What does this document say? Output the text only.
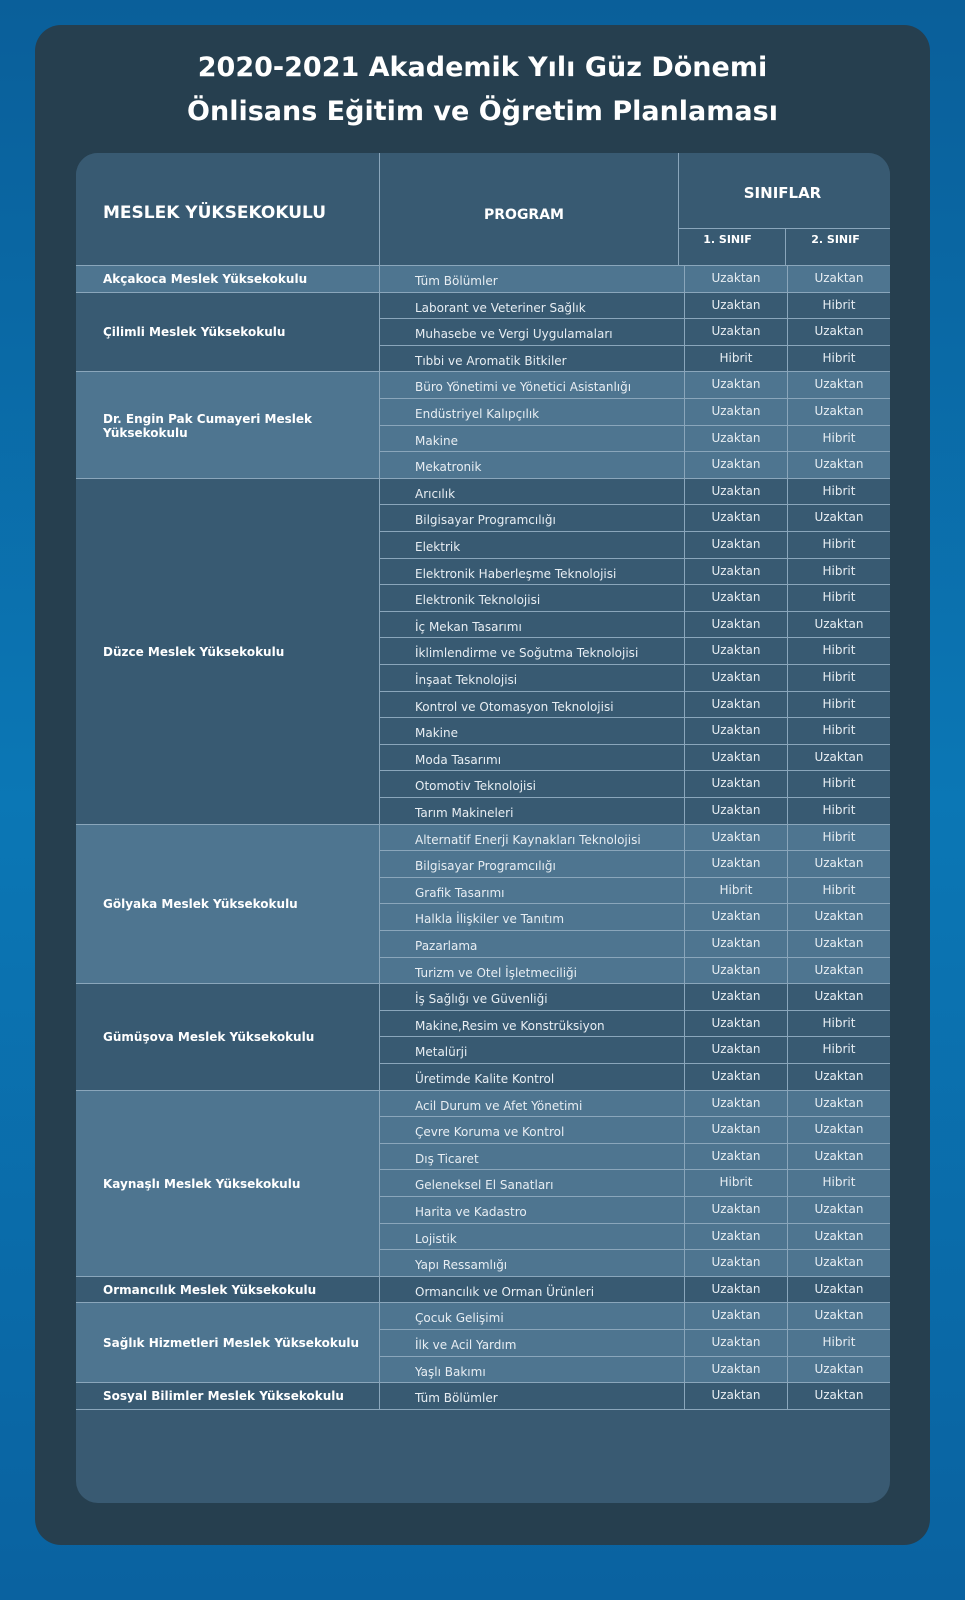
2020-2021 Akademik Yılı Güz Dönemi
Önlisans Eğitim ve Öğretim Planlaması
MESLEK YÜKSEKOKULU	PROGRAM
SINIFLAR
1. SINIF	2. SINIF
Akçakoca Meslek Yüksekokulu	Tüm Bölümler	Uzaktan	Uzaktan
Çilimli Meslek Yüksekokulu
Laborant ve Veteriner Sağlık	Uzaktan	Hibrit
Muhasebe ve Vergi Uygulamaları	Uzaktan	Uzaktan
Tıbbi ve Aromatik Bitkiler	Hibrit	Hibrit
Dr. Engin Pak Cumayeri Meslek Yüksekokulu
Büro Yönetimi ve Yönetici Asistanlığı	Uzaktan	Uzaktan
Endüstriyel Kalıpçılık	Uzaktan	Uzaktan
Makine	Uzaktan	Hibrit
Mekatronik	Uzaktan	Uzaktan
Düzce Meslek Yüksekokulu
Arıcılık	Uzaktan	Hibrit
Bilgisayar Programcılığı	Uzaktan	Uzaktan
Elektrik	Uzaktan	Hibrit
Elektronik Haberleşme Teknolojisi	Uzaktan	Hibrit
Elektronik Teknolojisi	Uzaktan	Hibrit
İç Mekan Tasarımı	Uzaktan	Uzaktan
İklimlendirme ve Soğutma Teknolojisi	Uzaktan	Hibrit
İnşaat Teknolojisi	Uzaktan	Hibrit
Kontrol ve Otomasyon Teknolojisi	Uzaktan	Hibrit
Makine	Uzaktan	Hibrit
Moda Tasarımı	Uzaktan	Uzaktan
Otomotiv Teknolojisi	Uzaktan	Hibrit
Tarım Makineleri	Uzaktan	Hibrit
Gölyaka Meslek Yüksekokulu
Alternatif Enerji Kaynakları Teknolojisi	Uzaktan	Hibrit
Bilgisayar Programcılığı	Uzaktan	Uzaktan
Grafik Tasarımı	Hibrit	Hibrit
Halkla İlişkiler ve Tanıtım	Uzaktan	Uzaktan
Pazarlama	Uzaktan	Uzaktan
Turizm ve Otel İşletmeciliği	Uzaktan	Uzaktan
Gümüşova Meslek Yüksekokulu
İş Sağlığı ve Güvenliği	Uzaktan	Uzaktan
Makine,Resim ve Konstrüksiyon	Uzaktan	Hibrit
Metalürji	Uzaktan	Hibrit
Üretimde Kalite Kontrol	Uzaktan	Uzaktan
Kaynaşlı Meslek Yüksekokulu
Acil Durum ve Afet Yönetimi	Uzaktan	Uzaktan
Çevre Koruma ve Kontrol	Uzaktan	Uzaktan
Dış Ticaret	Uzaktan	Uzaktan
Geleneksel El Sanatları	Hibrit	Hibrit
Harita ve Kadastro	Uzaktan	Uzaktan
Lojistik	Uzaktan	Uzaktan
Yapı Ressamlığı	Uzaktan	Uzaktan
Ormancılık Meslek Yüksekokulu	Ormancılık ve Orman Ürünleri	Uzaktan	Uzaktan
Sağlık Hizmetleri Meslek Yüksekokulu
Çocuk Gelişimi	Uzaktan	Uzaktan
İlk ve Acil Yardım	Uzaktan	Hibrit
Yaşlı Bakımı	Uzaktan	Uzaktan
Sosyal Bilimler Meslek Yüksekokulu	Tüm Bölümler	Uzaktan	Uzaktan
